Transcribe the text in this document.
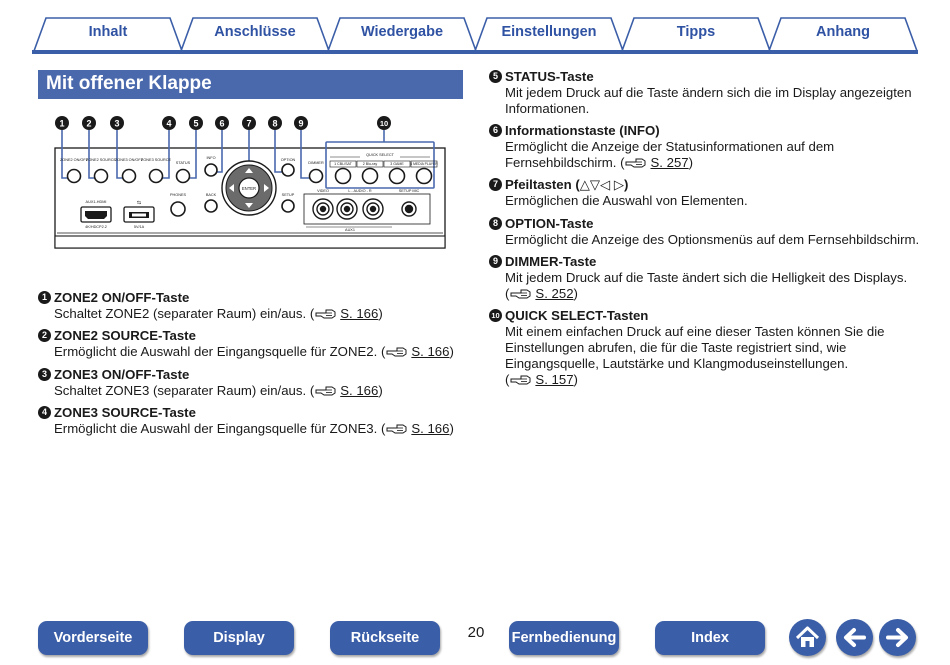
Inhalt	Anschlüsse	Wiedergabe	Einstellungen	Tipps	Anhang
Mit offener Klappe
1 2	3	4 5 6 7 8 9	10
ZONE2 ON/OFF
ZONE2 SOURCE
ZONE3 ON/OFF
ZONE3 SOURCE
STATUS
INFO	OPTION
DIMMER
PHONES	BACK	SETUP
AUX1-HDMI
4K/HDCP2.2	5V/1A
VIDEO	L - AUDIO - R	SETUP MIC
AUX1
QUICK SELECT
1 CBL/SAT	2 Blu-ray	3 GAME 4 MEDIA PLAYER
ENTER
⇆
1 ZONE2 ON/OFF-Taste
Schaltet ZONE2 (separater Raum) ein/aus. ( S. 166)
2 ZONE2 SOURCE-Taste
Ermöglicht die Auswahl der Eingangsquelle für ZONE2. ( S. 166)
3 ZONE3 ON/OFF-Taste
Schaltet ZONE3 (separater Raum) ein/aus. ( S. 166)
4 ZONE3 SOURCE-Taste
Ermöglicht die Auswahl der Eingangsquelle für ZONE3. ( S. 166)
5 STATUS-Taste
Mit jedem Druck auf die Taste ändern sich die im Display angezeigten
Informationen.
6 Informationstaste (INFO)
Ermöglicht die Anzeige der Statusinformationen auf dem
Fernsehbildschirm. ( S. 257)
7 Pfeiltasten (△▽◁ ▷)
Ermöglichen die Auswahl von Elementen.
8 OPTION-Taste
Ermöglicht die Anzeige des Optionsmenüs auf dem Fernsehbildschirm.
9 DIMMER-Taste
Mit jedem Druck auf die Taste ändert sich die Helligkeit des Displays.
( S. 252)
10 QUICK SELECT-Tasten
Mit einem einfachen Druck auf eine dieser Tasten können Sie die
Einstellungen abrufen, die für die Taste registriert sind, wie
Eingangsquelle, Lautstärke und Klangmoduseinstellungen.
( S. 157)
Vorderseite	Display	Rückseite	20	Fernbedienung	Index
